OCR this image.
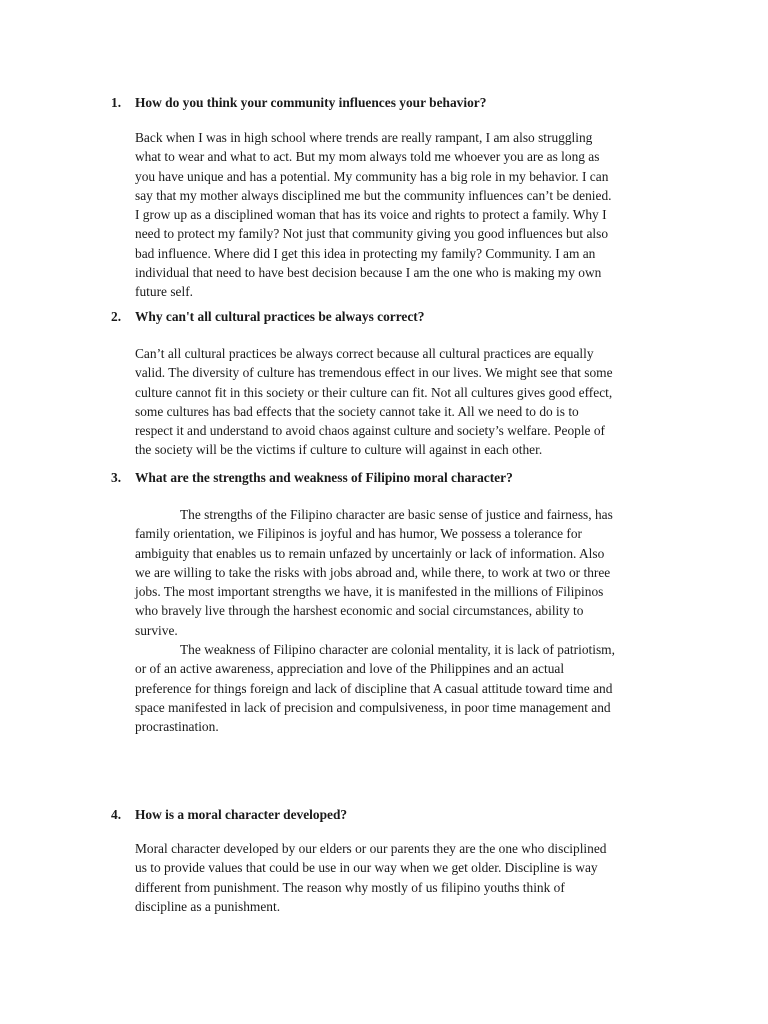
1. How do you think your community influences your behavior?
Back when I was in high school where trends are really rampant, I am also struggling
what to wear and what to act. But my mom always told me whoever you are as long as
you have unique and has a potential. My community has a big role in my behavior. I can
say that my mother always disciplined me but the community influences can’t be denied.
I grow up as a disciplined woman that has its voice and rights to protect a family. Why I
need to protect my family? Not just that community giving you good influences but also
bad influence. Where did I get this idea in protecting my family? Community. I am an
individual that need to have best decision because I am the one who is making my own
future self.
2. Why can't all cultural practices be always correct?
Can’t all cultural practices be always correct because all cultural practices are equally
valid. The diversity of culture has tremendous effect in our lives. We might see that some
culture cannot fit in this society or their culture can fit. Not all cultures gives good effect,
some cultures has bad effects that the society cannot take it. All we need to do is to
respect it and understand to avoid chaos against culture and society’s welfare. People of
the society will be the victims if culture to culture will against in each other.
3. What are the strengths and weakness of Filipino moral character?
The strengths of the Filipino character are basic sense of justice and fairness, has
family orientation, we Filipinos is joyful and has humor, We possess a tolerance for
ambiguity that enables us to remain unfazed by uncertainly or lack of information. Also
we are willing to take the risks with jobs abroad and, while there, to work at two or three
jobs. The most important strengths we have, it is manifested in the millions of Filipinos
who bravely live through the harshest economic and social circumstances, ability to
survive.
The weakness of Filipino character are colonial mentality, it is lack of patriotism,
or of an active awareness, appreciation and love of the Philippines and an actual
preference for things foreign and lack of discipline that A casual attitude toward time and
space manifested in lack of precision and compulsiveness, in poor time management and
procrastination.
4. How is a moral character developed?
Moral character developed by our elders or our parents they are the one who disciplined
us to provide values that could be use in our way when we get older. Discipline is way
different from punishment. The reason why mostly of us filipino youths think of
discipline as a punishment.
